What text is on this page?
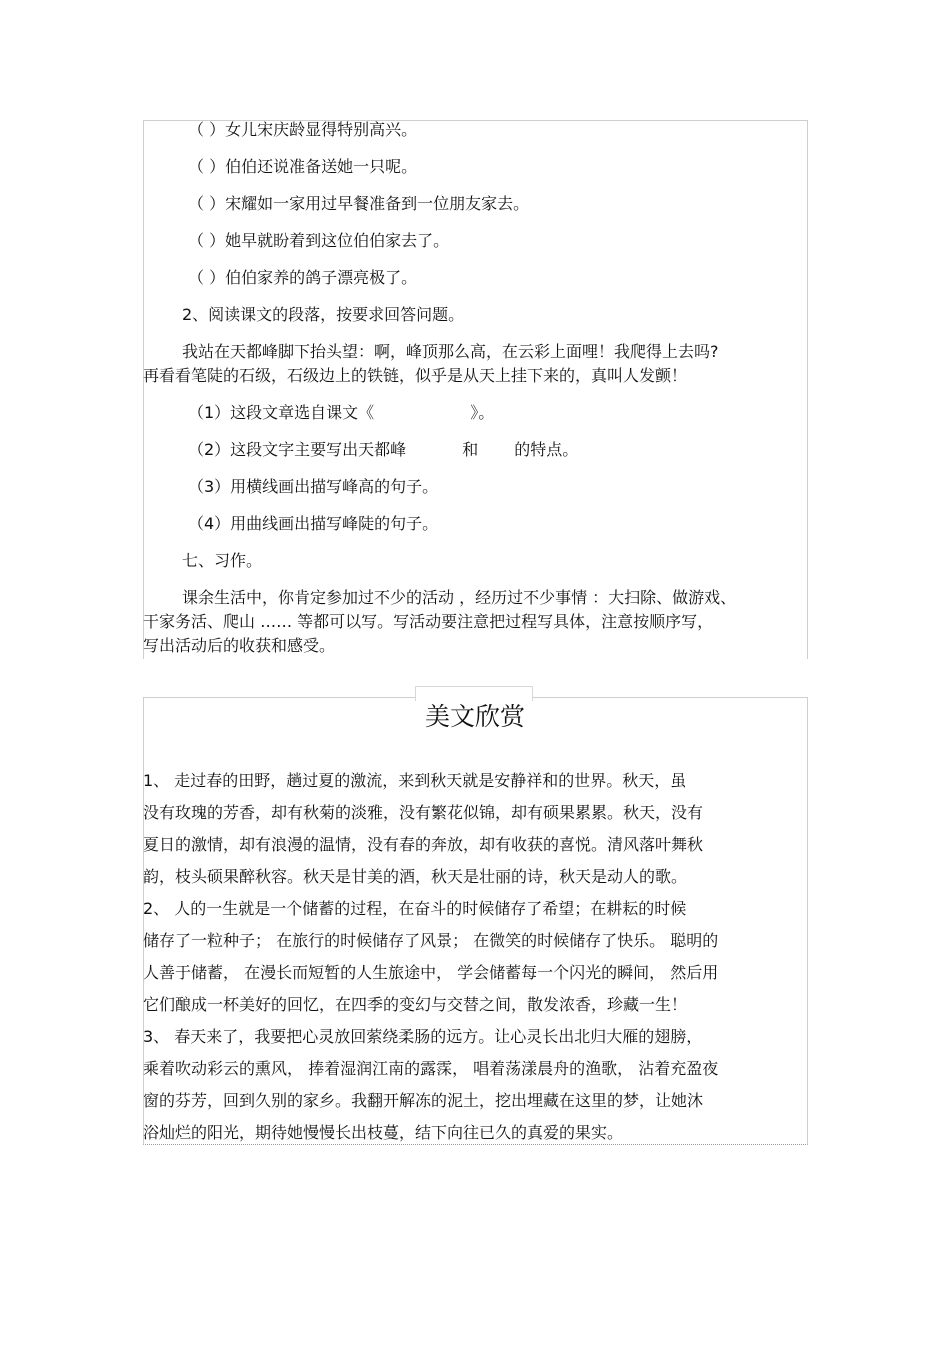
（ ）女儿宋庆龄显得特别高兴。
（ ）伯伯还说准备送她一只呢。
（ ）宋耀如一家用过早餐准备到一位朋友家去。
（ ）她早就盼着到这位伯伯家去了。
（ ）伯伯家养的鸽子漂亮极了。
2、阅读课文的段落，按要求回答问题。
我站在天都峰脚下抬头望：啊，峰顶那么高，在云彩上面哩！我爬得上去吗?
再看看笔陡的石级，石级边上的铁链，似乎是从天上挂下来的，真叫人发颤！
（1）这段文章选自课文《	》。
（2）这段文字主要写出天都峰	和 的特点。
（3）用横线画出描写峰高的句子。
（4）用曲线画出描写峰陡的句子。
七、习作。
课余生活中，你肯定参加过不少的活动 ，经历过不少事情 ：大扫除、做游戏、
干家务活、爬山 …… 等都可以写。写活动要注意把过程写具体，注意按顺序写，
写出活动后的收获和感受。
美文欣赏
1、 走过春的田野，趟过夏的激流，来到秋天就是安静祥和的世界。秋天，虽
没有玫瑰的芳香，却有秋菊的淡雅，没有繁花似锦，却有硕果累累。秋天，没有
夏日的激情，却有浪漫的温情，没有春的奔放，却有收获的喜悦。清风落叶舞秋
韵，枝头硕果醉秋容。秋天是甘美的酒，秋天是壮丽的诗，秋天是动人的歌。
2、 人的一生就是一个储蓄的过程，在奋斗的时候储存了希望；在耕耘的时候
储存了一粒种子； 在旅行的时候储存了风景； 在微笑的时候储存了快乐。 聪明的
人善于储蓄， 在漫长而短暂的人生旅途中， 学会储蓄每一个闪光的瞬间， 然后用
它们酿成一杯美好的回忆，在四季的变幻与交替之间，散发浓香，珍藏一生！
3、 春天来了，我要把心灵放回萦绕柔肠的远方。让心灵长出北归大雁的翅膀，
乘着吹动彩云的熏风， 捧着湿润江南的露霂， 唱着荡漾晨舟的渔歌， 沾着充盈夜
窗的芬芳，回到久别的家乡。我翻开解冻的泥土，挖出埋藏在这里的梦，让她沐
浴灿烂的阳光，期待她慢慢长出枝蔓，结下向往已久的真爱的果实。
